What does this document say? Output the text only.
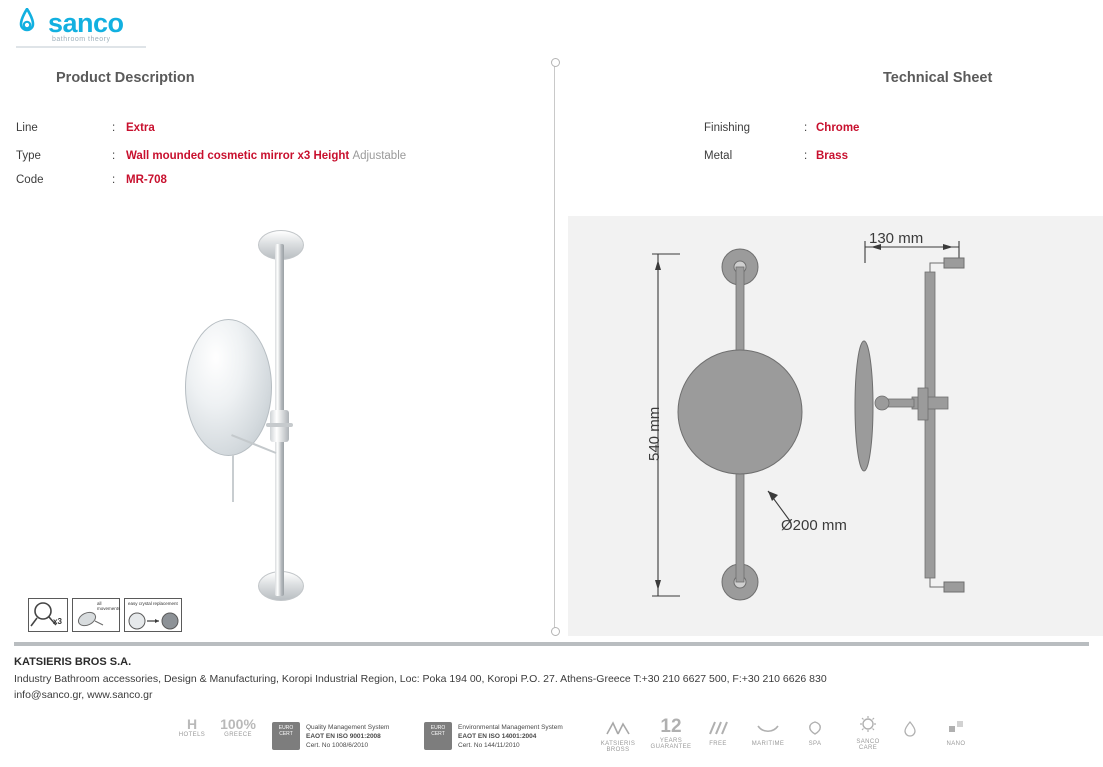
sanco
bathroom theory
Product Description	Technical Sheet
Line	: Extra
Type	: Wall mounded cosmetic mirror x3 Height Adjustable
Code	: MR-708
Finishing	: Chrome
Metal	: Brass
x3
all movements
easy crystal replacement
130 mm
540 mm
Ø200 mm
KATSIERIS BROS S.A.
Industry Bathroom accessories, Design & Manufacturing, Koropi Industrial Region, Loc: Poka 194 00, Koropi P.O. 27. Athens-Greece T:+30 210 6627 500, F:+30 210 6626 830
info@sanco.gr, www.sanco.gr
H
HOTELS
100%
GREECE
EURO
CERT
Quality Management System
EAOT EN ISO 9001:2008
Cert. No 1008/6/2010
EURO
CERT
Environmental Management System
EAOT EN ISO 14001:2004
Cert. No 144/11/2010	KATSIERIS BROSS
12
YEARS GUARANTEE	FREE	MARITIME	SPA	SANCO CARE
NANO
